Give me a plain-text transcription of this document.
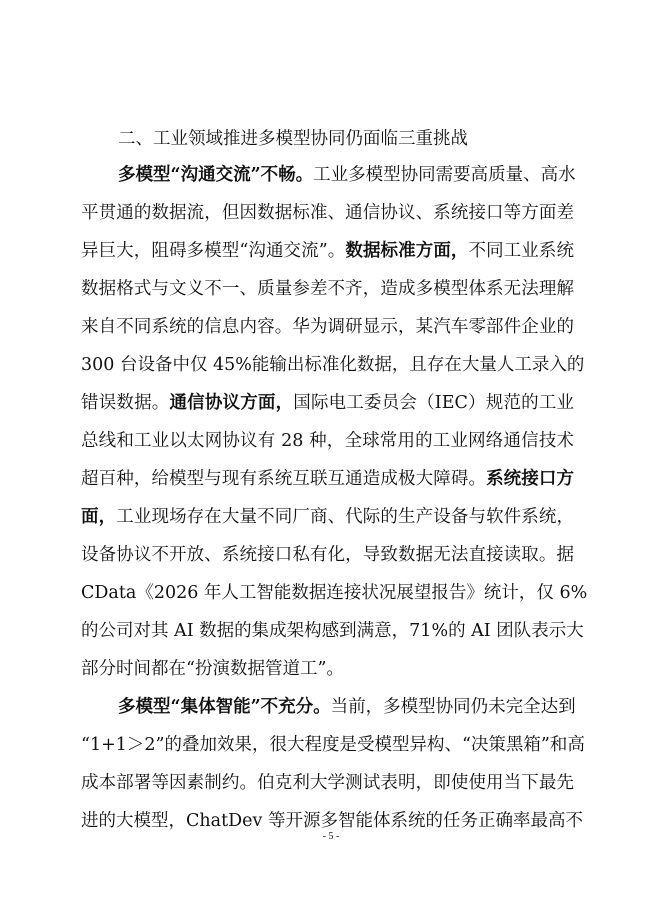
二、工业领域推进多模型协同仍面临三重挑战
多模型“沟通交流”不畅。工业多模型协同需要高质量、高水
平贯通的数据流，但因数据标准、通信协议、系统接口等方面差
异巨大，阻碍多模型“沟通交流”。数据标准方面，不同工业系统
数据格式与文义不一、质量参差不齐，造成多模型体系无法理解
来自不同系统的信息内容。华为调研显示，某汽车零部件企业的
300 台设备中仅 45%能输出标准化数据，且存在大量人工录入的
错误数据。通信协议方面，国际电工委员会（IEC）规范的工业
总线和工业以太网协议有 28 种，全球常用的工业网络通信技术
超百种，给模型与现有系统互联互通造成极大障碍。系统接口方
面，工业现场存在大量不同厂商、代际的生产设备与软件系统，
设备协议不开放、系统接口私有化，导致数据无法直接读取。据
CData《2026 年人工智能数据连接状况展望报告》统计，仅 6%
的公司对其 AI 数据的集成架构感到满意，71%的 AI 团队表示大
部分时间都在“扮演数据管道工”。
多模型“集体智能”不充分。当前，多模型协同仍未完全达到
“1+1＞2”的叠加效果，很大程度是受模型异构、“决策黑箱”和高
成本部署等因素制约。伯克利大学测试表明，即使使用当下最先
进的大模型，ChatDev 等开源多智能体系统的任务正确率最高不
- 5 -
